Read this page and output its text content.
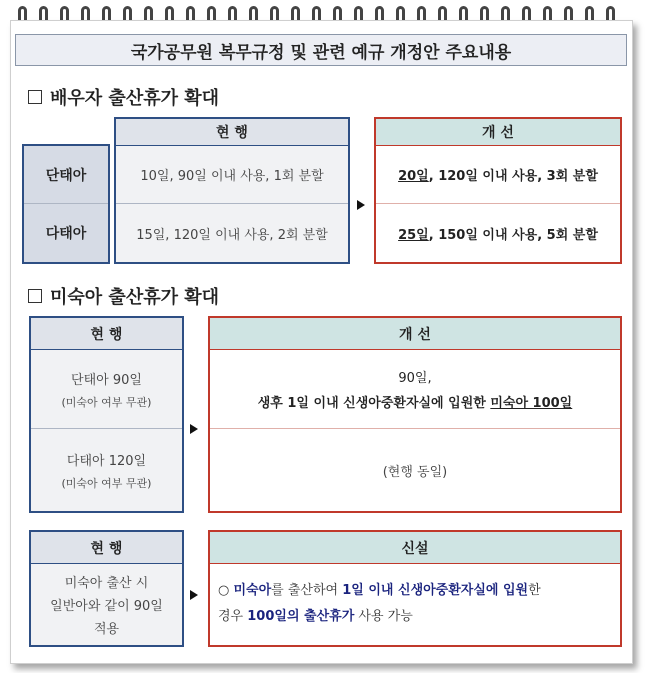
국가공무원 복무규정 및 관련 예규 개정안 주요내용
배우자 출산휴가 확대
단태아
다태아
현 행
10일, 90일 이내 사용, 1회 분할
15일, 120일 이내 사용, 2회 분할
개 선
20일 , 120일 이내 사용, 3회 분할
25일 , 150일 이내 사용, 5회 분할
미숙아 출산휴가 확대
현 행
단태아 90일
(미숙아 여부 무관)
다태아 120일
(미숙아 여부 무관)
개 선
90일,
생후 1일 이내 신생아중환자실에 입원한 미숙아 100일
(현행 동일)
현 행
미숙아 출산 시
일반아와 같이 90일
적용
신설
○ 미숙아를 출산하여 1일 이내 신생아중환자실에 입원한
경우 100일의 출산휴가 사용 가능
